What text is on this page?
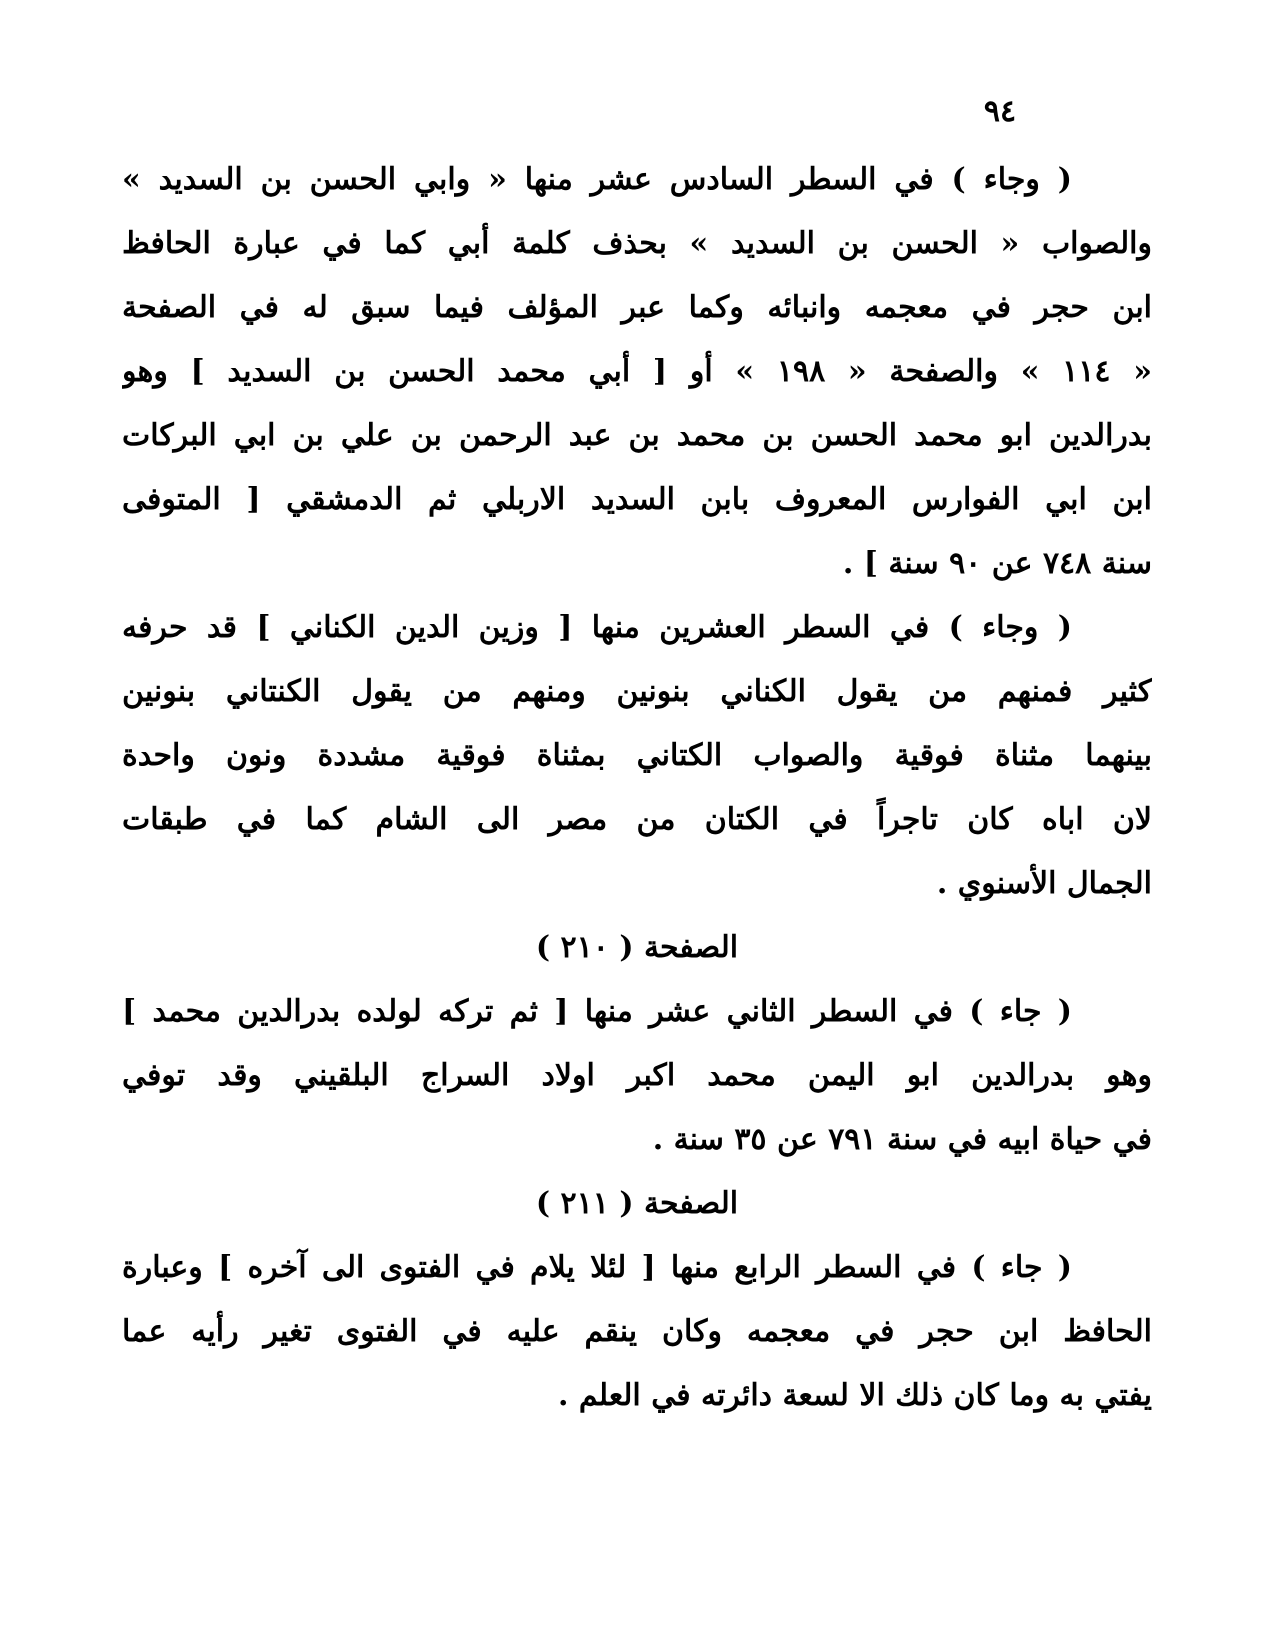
٩٤
( وجاء ) في السطر السادس عشر منها « وابي الحسن بن السديد »
والصواب « الحسن بن السديد » بحذف كلمة أبي كما في عبارة الحافظ
ابن حجر في معجمه وانبائه وكما عبر المؤلف فيما سبق له في الصفحة
« ١١٤ » والصفحة « ١٩٨ » أو [ أبي محمد الحسن بن السديد ] وهو
بدرالدين ابو محمد الحسن بن محمد بن عبد الرحمن بن علي بن ابي البركات
ابن ابي الفوارس المعروف بابن السديد الاربلي ثم الدمشقي [ المتوفى
سنة ٧٤٨ عن ٩٠ سنة ] .
( وجاء ) في السطر العشرين منها [ وزين الدين الكناني ] قد حرفه
كثير فمنهم من يقول الكناني بنونين ومنهم من يقول الكنتاني بنونين
بينهما مثناة فوقية والصواب الكتاني بمثناة فوقية مشددة ونون واحدة
لان اباه كان تاجراً في الكتان من مصر الى الشام كما في طبقات
الجمال الأسنوي .
الصفحة ( ٢١٠ )
( جاء ) في السطر الثاني عشر منها [ ثم تركه لولده بدرالدين محمد ]
وهو بدرالدين ابو اليمن محمد اكبر اولاد السراج البلقيني وقد توفي
في حياة ابيه في سنة ٧٩١ عن ٣٥ سنة .
الصفحة ( ٢١١ )
( جاء ) في السطر الرابع منها [ لئلا يلام في الفتوى الى آخره ] وعبارة
الحافظ ابن حجر في معجمه وكان ينقم عليه في الفتوى تغير رأيه عما
يفتي به وما كان ذلك الا لسعة دائرته في العلم .
